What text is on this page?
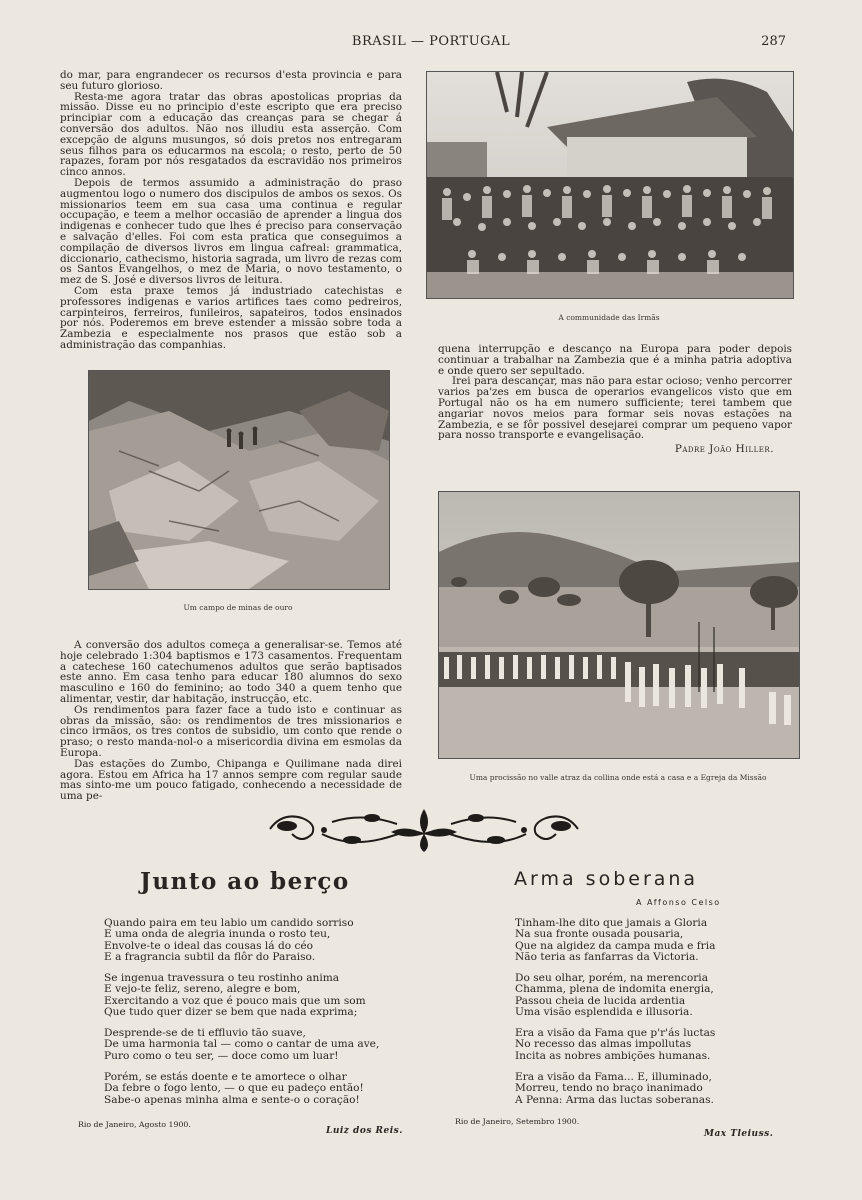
BRASIL — PORTUGAL	287

do mar, para engrandecer os recursos d'esta provincia e para seu futuro glorioso.

Resta-me agora tratar das obras apostolicas proprias da missão. Disse eu no principio d'este escripto que era preciso principiar com a educação das creanças para se chegar á conversão dos adultos. Não nos illudiu esta asserção. Com excepção de alguns musungos, só dois pretos nos entregaram seus filhos para os educarmos na escola; o resto, perto de 50 rapazes, foram por nós resgatados da escravidão nos primeiros cinco annos.

Depois de termos assumido a administração do praso augmentou logo o numero dos discipulos de ambos os sexos. Os missionarios teem em sua casa uma continua e regular occupação, e teem a melhor occasião de aprender a lingua dos indigenas e conhecer tudo que lhes é preciso para conservação e salvação d'elles. Foi com esta pratica que conseguimos a compilação de diversos livros em lingua cafreal: grammatica, diccionario, cathecismo, historia sagrada, um livro de rezas com os Santos Evangelhos, o mez de Maria, o novo testamento, o mez de S. José e diversos livros de leitura.

Com esta praxe temos já industriado catechistas e professores indigenas e varios artifices taes como pedreiros, carpinteiros, ferreiros, funileiros, sapateiros, todos ensinados por nós. Poderemos em breve estender a missão sobre toda a Zambezia e especialmente nos prasos que estão sob a administração das companhias.

A communidade das Irmãs

quena interrupção e descanço na Europa para poder depois continuar a trabalhar na Zambezia que é a minha patria adoptiva e onde quero ser sepultado.

Irei para descançar, mas não para estar ocioso; venho percorrer varios pa'zes em busca de operarios evangelicos visto que em Portugal não os ha em numero sufficiente; terei tambem que angariar novos meios para formar seis novas estações na Zambezia, e se fôr possivel desejarei comprar um pequeno vapor para nosso transporte e evangelisação.

Padre João Hiller.

Um campo de minas de ouro

A conversão dos adultos começa a generalisar-se. Temos até hoje celebrado 1:304 baptismos e 173 casamentos. Frequentam a catechese 160 catechumenos adultos que serão baptisados este anno. Em casa tenho para educar 180 alumnos do sexo masculino e 160 do feminino; ao todo 340 a quem tenho que alimentar, vestir, dar habitação, instrucção, etc.

Os rendimentos para fazer face a tudo isto e continuar as obras da missão, são: os rendimentos de tres missionarios e cinco irmãos, os tres contos de subsidio, um conto que rende o praso; o resto manda-nol-o a misericordia divina em esmolas da Europa.

Das estações do Zumbo, Chipanga e Quilimane nada direi agora. Estou em Africa ha 17 annos sempre com regular saude mas sinto-me um pouco fatigado, conhecendo a necessidade de uma pe-

Uma procissão no valle atraz da collina onde está a casa e a Egreja da Missão
Junto ao berço
Quando paira em teu labio um candido sorriso
E uma onda de alegria inunda o rosto teu,
Envolve-te o ideal das cousas lá do céo
E a fragrancia subtil da flôr do Paraiso.
Se ingenua travessura o teu rostinho anima
E vejo-te feliz, sereno, alegre e bom,
Exercitando a voz que é pouco mais que um som
Que tudo quer dizer se bem que nada exprima;
Desprende-se de ti effluvio tão suave,
De uma harmonia tal — como o cantar de uma ave,
Puro como o teu ser, — doce como um luar!
Porém, se estás doente e te amortece o olhar
Da febre o fogo lento, — o que eu padeço então!
Sabe-o apenas minha alma e sente-o o coração!
Rio de Janeiro, Agosto 1900.
Luiz dos Reis.
Arma soberana
A Affonso Celso
Tinham-lhe dito que jamais a Gloria
Na sua fronte ousada pousaria,
Que na algidez da campa muda e fria
Não teria as fanfarras da Victoria.
Do seu olhar, porém, na merencoria
Chamma, plena de indomita energia,
Passou cheia de lucida ardentia
Uma visão esplendida e illusoria.
Era a visão da Fama que p'r'ás luctas
No recesso das almas impollutas
Incita as nobres ambições humanas.
Era a visão da Fama... E, illuminado,
Morreu, tendo no braço inanimado
A Penna: Arma das luctas soberanas.
Rio de Janeiro, Setembro 1900.
Max Tleiuss.
